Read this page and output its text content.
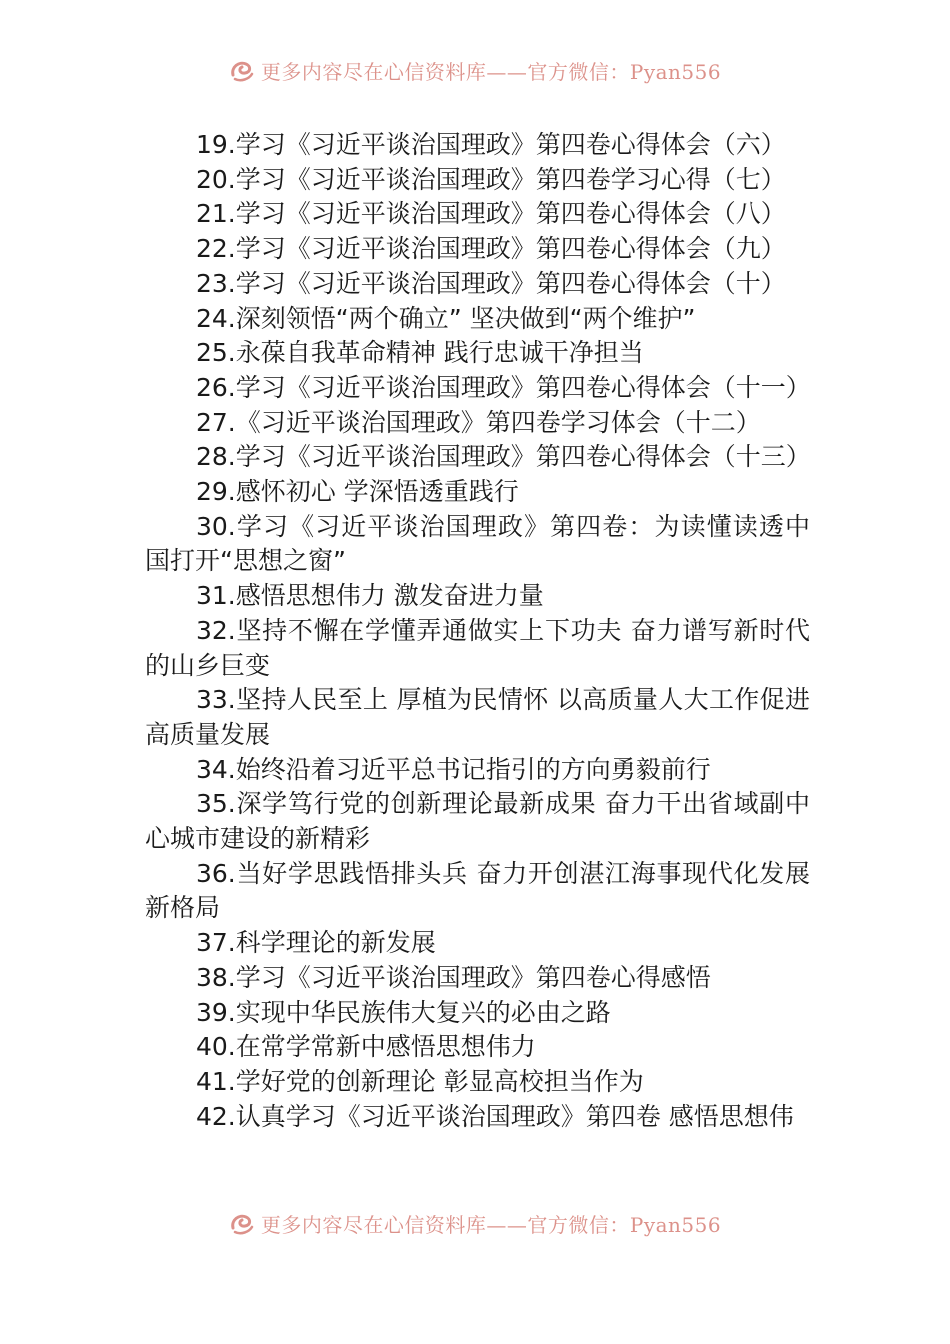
更多内容尽在心信资料库——官方微信：Pyan556

19.学习《习近平谈治国理政》第四卷心得体会（六）

20.学习《习近平谈治国理政》第四卷学习心得（七）

21.学习《习近平谈治国理政》第四卷心得体会（八）

22.学习《习近平谈治国理政》第四卷心得体会（九）

23.学习《习近平谈治国理政》第四卷心得体会（十）

24.深刻领悟“两个确立” 坚决做到“两个维护”

25.永葆自我革命精神 践行忠诚干净担当

26.学习《习近平谈治国理政》第四卷心得体会（十一）

27.《习近平谈治国理政》第四卷学习体会（十二）

28.学习《习近平谈治国理政》第四卷心得体会（十三）

29.感怀初心 学深悟透重践行

30.学习《习近平谈治国理政》第四卷：为读懂读透中国打开“思想之窗”

31.感悟思想伟力 激发奋进力量

32.坚持不懈在学懂弄通做实上下功夫 奋力谱写新时代的山乡巨变

33.坚持人民至上 厚植为民情怀 以高质量人大工作促进高质量发展

34.始终沿着习近平总书记指引的方向勇毅前行

35.深学笃行党的创新理论最新成果 奋力干出省域副中心城市建设的新精彩

36.当好学思践悟排头兵 奋力开创湛江海事现代化发展新格局

37.科学理论的新发展

38.学习《习近平谈治国理政》第四卷心得感悟

39.实现中华民族伟大复兴的必由之路

40.在常学常新中感悟思想伟力

41.学好党的创新理论 彰显高校担当作为

42.认真学习《习近平谈治国理政》第四卷 感悟思想伟

更多内容尽在心信资料库——官方微信：Pyan556
